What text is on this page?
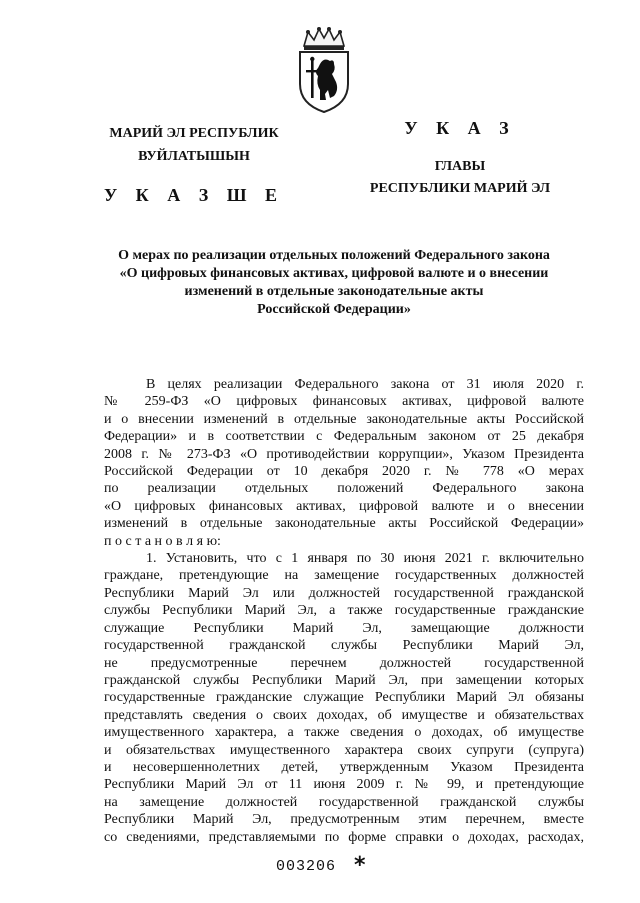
МАРИЙ ЭЛ РЕСПУБЛИК
ВУЙЛАТЫШЫН
У К А З Ш Е
У К А З
ГЛАВЫ
РЕСПУБЛИКИ МАРИЙ ЭЛ
О мерах по реализации отдельных положений Федерального закона
«О цифровых финансовых активах, цифровой валюте и о внесении
изменений в отдельные законодательные акты
Российской Федерации»
В целях реализации Федерального закона от 31 июля 2020 г.
№ 259-ФЗ «О цифровых финансовых активах, цифровой валюте
и о внесении изменений в отдельные законодательные акты Российской
Федерации» и в соответствии с Федеральным законом от 25 декабря
2008 г. № 273-ФЗ «О противодействии коррупции», Указом Президента
Российской Федерации от 10 декабря 2020 г. № 778 «О мерах
по реализации отдельных положений Федерального закона
«О цифровых финансовых активах, цифровой валюте и о внесении
изменений в отдельные законодательные акты Российской Федерации»
п о с т а н о в л я ю:
1. Установить, что с 1 января по 30 июня 2021 г. включительно
граждане, претендующие на замещение государственных должностей
Республики Марий Эл или должностей государственной гражданской
службы Республики Марий Эл, а также государственные гражданские
служащие Республики Марий Эл, замещающие должности
государственной гражданской службы Республики Марий Эл,
не предусмотренные перечнем должностей государственной
гражданской службы Республики Марий Эл, при замещении которых
государственные гражданские служащие Республики Марий Эл обязаны
представлять сведения о своих доходах, об имуществе и обязательствах
имущественного характера, а также сведения о доходах, об имуществе
и обязательствах имущественного характера своих супруги (супруга)
и несовершеннолетних детей, утвержденным Указом Президента
Республики Марий Эл от 11 июня 2009 г. № 99, и претендующие
на замещение должностей государственной гражданской службы
Республики Марий Эл, предусмотренным этим перечнем, вместе
со сведениями, представляемыми по форме справки о доходах, расходах,
003206 *
